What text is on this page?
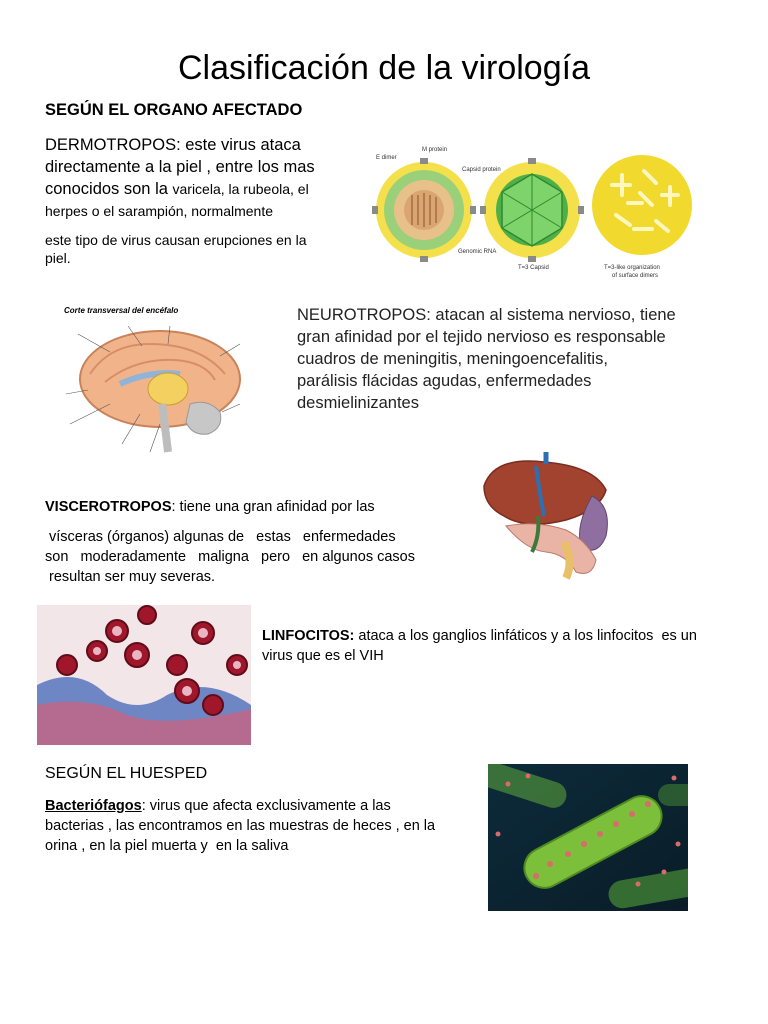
Clasificación de la virología
SEGÚN EL ORGANO AFECTADO
DERMOTROPOS: este virus ataca
directamente a la piel , entre los mas
conocidos son la varicela, la rubeola, el
herpes o el sarampión, normalmente
este tipo de virus causan erupciones en la
piel.
E dimer
M protein
Capsid protein
Genomic RNA
T=3 Capsid	T=3-like organization
of surface dimers
Corte transversal del encéfalo	NEUROTROPOS: atacan al sistema nervioso, tiene
gran afinidad por el tejido nervioso es responsable
cuadros de meningitis, meningoencefalitis,
parálisis flácidas agudas, enfermedades
desmielinizantes
VISCEROTROPOS: tiene una gran afinidad por las
vísceras (órganos) algunas de   estas   enfermedades
son   moderadamente   maligna   pero   en algunos casos
resultan ser muy severas.
LINFOCITOS: ataca a los ganglios linfáticos y a los linfocitos  es un
virus que es el VIH
SEGÚN EL HUESPED
Bacteriófagos: virus que afecta exclusivamente a las
bacterias , las encontramos en las muestras de heces , en la
orina , en la piel muerta y  en la saliva
